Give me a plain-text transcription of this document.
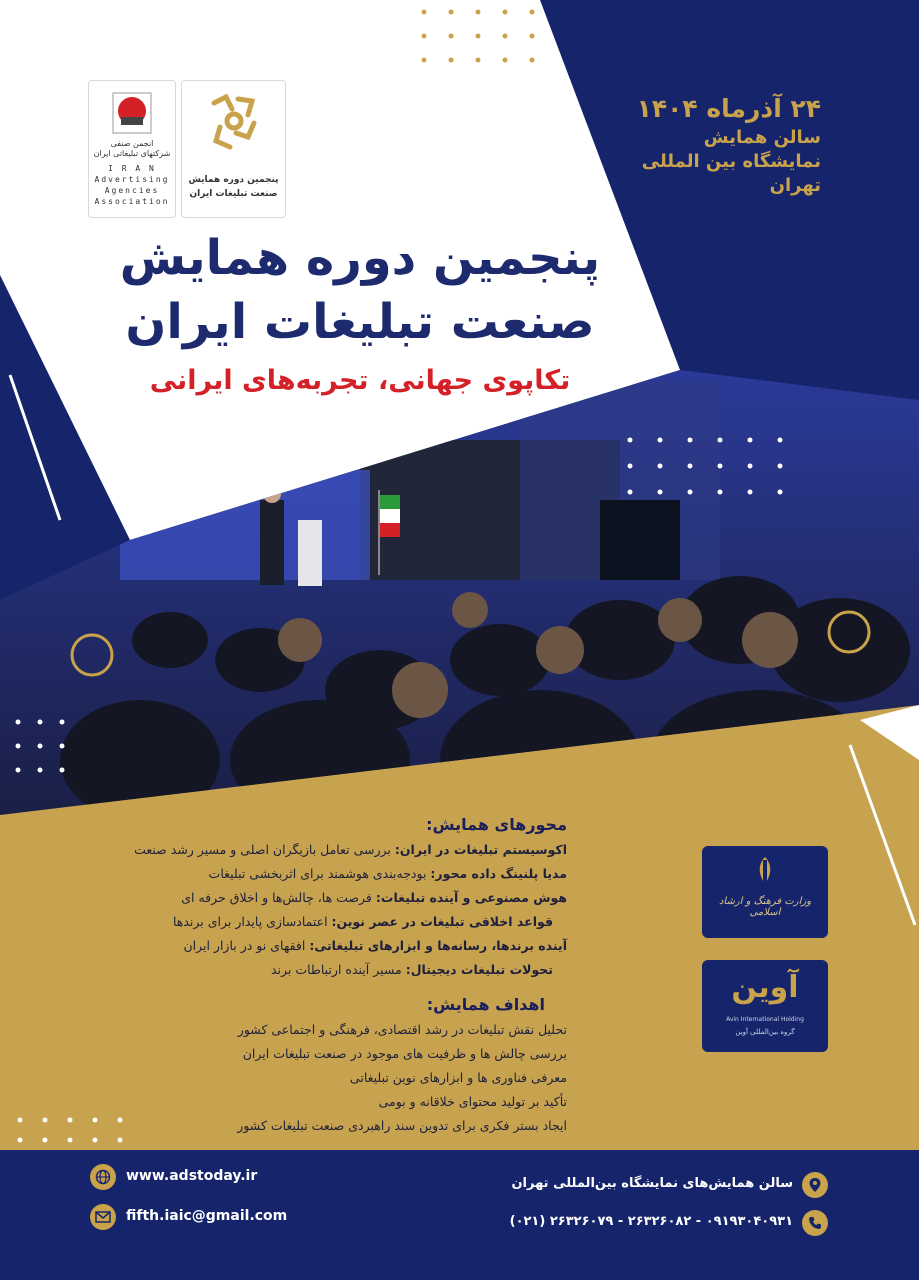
انجمن صنفی
شرکتهای تبلیغاتی ایران
I R A N
Advertising
Agencies
Association
پنجمین دوره همایش
صنعت تبلیغات ایران
۲۴ آذرماه ۱۴۰۴
سالن همایش
نمایشگاه بین المللی
تهران
پنجمین دوره همایش
صنعت تبلیغات ایران
تکاپوی جهانی، تجربه‌های ایرانی
محورهای همایش:
اکوسیستم تبلیغات در ایران: بررسی تعامل بازیگران اصلی و مسیر رشد صنعت
مدیا پلنینگ داده محور: بودجه‌بندی هوشمند برای اثربخشی تبلیغات
هوش مصنوعی و آینده تبلیغات: فرصت ها، چالش‌ها و اخلاق حرفه ای
قواعد اخلاقی تبلیغات در عصر نوین: اعتمادسازی پایدار برای برندها
آینده برندها، رسانه‌ها و ابزارهای تبلیغاتی: افقهای نو در بازار ایران
تحولات تبلیغات دیجیتال: مسیر آینده ارتباطات برند
اهداف همایش:
تحلیل نقش تبلیغات در رشد اقتصادی، فرهنگی و اجتماعی کشور
بررسی چالش ها و ظرفیت های موجود در صنعت تبلیغات ایران
معرفی فناوری ها و ابزارهای نوین تبلیغاتی
تأکید بر تولید محتوای خلاقانه و بومی
ایجاد بستر فکری برای تدوین سند راهبردی صنعت تبلیغات کشور
وزارت فرهنگ و ارشاد اسلامی
آوین
Avin International Holding
گروه بین‌المللی آوین
www.adstoday.ir
fifth.iaic@gmail.com
سالن همایش‌های نمایشگاه بین‌المللی تهران
۰۹۱۹۳۰۴۰۹۳۱ - ۲۶۳۲۶۰۸۲ - ۲۶۳۲۶۰۷۹ (۰۲۱)
